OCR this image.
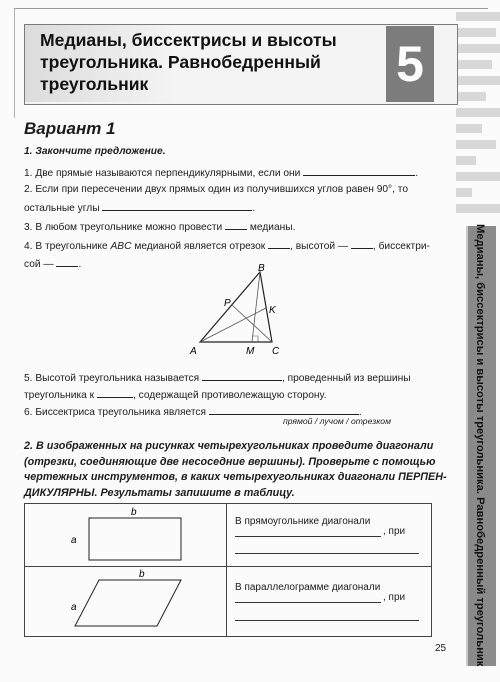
Медианы, биссектрисы и высоты треугольника. Равнобедренный треугольник	5
Медианы, биссектрисы и высоты треугольника. Равнобедренный треугольник
Вариант 1
1. Закончите предложение.
1. Две прямые называются перпендикулярными, если они	.
2. Если при пересечении двух прямых один из получившихся углов равен 90°, то
остальные углы	.
3. В любом треугольнике можно провести	медианы.
4. В треугольнике ABC медианой является отрезок , высотой — , биссектри-
сой — .	B
A	C
M
K
P
5. Высотой треугольника называется	, проведенный из вершины
треугольника к	, содержащей противолежащую сторону.
6. Биссектриса треугольника является	.
прямой / лучом / отрезком
2. В изображенных на рисунках четырехугольниках проведите диагонали (отрезки, соединяющие две несоседние вершины). Проверьте с помощью чертежных инструментов, в каких четырехугольниках диагонали ПЕРПЕН-ДИКУЛЯРНЫ. Результаты запишите в таблицу.
b
a
В прямоугольнике диагонали
, при
b
a
В параллелограмме диагонали
, при
25
